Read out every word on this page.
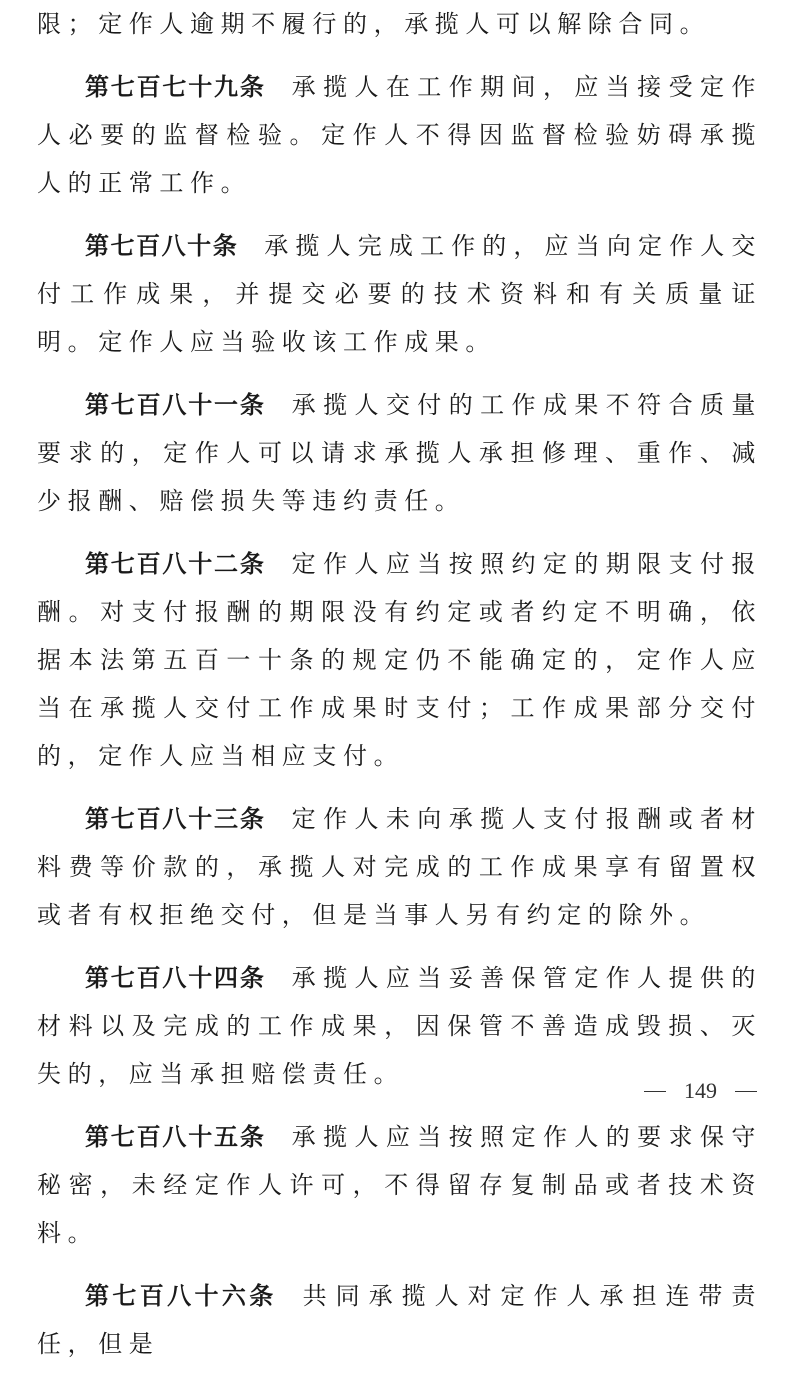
限；定作人逾期不履行的，承揽人可以解除合同。

第七百七十九条 承揽人在工作期间，应当接受定作人必要的监督检验。定作人不得因监督检验妨碍承揽人的正常工作。

第七百八十条 承揽人完成工作的，应当向定作人交付工作成果，并提交必要的技术资料和有关质量证明。定作人应当验收该工作成果。

第七百八十一条 承揽人交付的工作成果不符合质量要求的，定作人可以请求承揽人承担修理、重作、减少报酬、赔偿损失等违约责任。

第七百八十二条 定作人应当按照约定的期限支付报酬。对支付报酬的期限没有约定或者约定不明确，依据本法第五百一十条的规定仍不能确定的，定作人应当在承揽人交付工作成果时支付；工作成果部分交付的，定作人应当相应支付。

第七百八十三条 定作人未向承揽人支付报酬或者材料费等价款的，承揽人对完成的工作成果享有留置权或者有权拒绝交付，但是当事人另有约定的除外。

第七百八十四条 承揽人应当妥善保管定作人提供的材料以及完成的工作成果，因保管不善造成毁损、灭失的，应当承担赔偿责任。

第七百八十五条 承揽人应当按照定作人的要求保守秘密，未经定作人许可，不得留存复制品或者技术资料。

第七百八十六条 共同承揽人对定作人承担连带责任，但是

149
